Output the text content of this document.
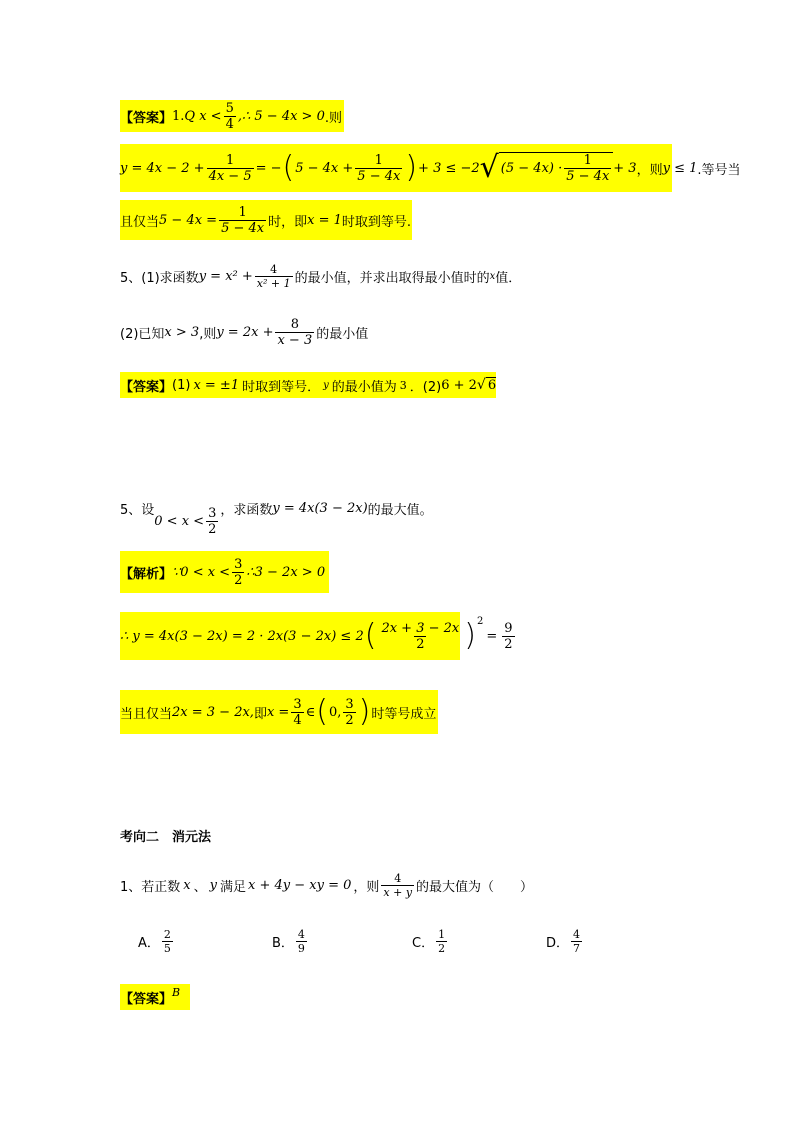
【答案】 1. Q x <
5
4
,∴ 5 − 4x > 0 .则
$y = 4x - 2 + \frac{1}{4x - 5}$ = − ( $5 - 4x + \frac{1}{5 - 4x}$ ) + 3 ≤ −2 √ (5 − 4x) ·
1
5 − 4x
+ 3 ，则 y ≤ 1 .等号当
且仅当 $5 - 4x = \frac{1}{5 - 4x}$ 时，即 x = 1 时取到等号.
5、(1)求函数 $y = x^2 + \frac{4}{\text{x² + 1}}$ 的最小值，并求出取得最小值时的 x 值．
(2)已知 x > 3 ,则 $y = 2x + \frac{8}{x - 3}$ 的最小值
【答案】 (1) x = ±1 时取到等号． y 的最小值为 3 ．(2) 6 + 2 √ 6
5、设
0 < x <
3
2
，求函数 y = 4x(3 − 2x) 的最大值。
【解析】 ∵0 < x <
3
2
∴3 − 2x > 0
∴ y = 4x(3 − 2x) = 2 · 2x(3 − 2x) ≤ 2 ( 2x + 3 − 2x
2 ) 2
= $\frac{9}{2}$
当且仅当 2x = 3 − 2x, 即 $x = \frac{3}{4}$ ∈ ( 0,
3
2 ) 时等号成立
考向二　消元法
1、若正数 x 、 y 满足 x + 4y − xy = 0 ，则
4
x + y 的最大值为（　　）
A．
2
5	B．
4
9	C．
1
2	D．
4
7
【答案】 B
